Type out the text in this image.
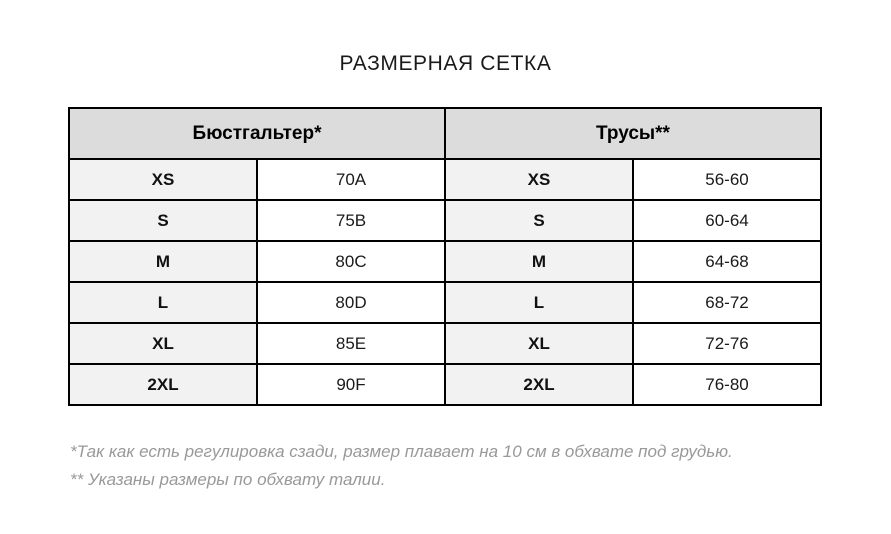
РАЗМЕРНАЯ СЕТКА
Бюстгальтер*		Трусы**	
XS	70A	XS	56-60
S	75B	S	60-64
M	80C	M	64-68
L	80D	L	68-72
XL	85E	XL	72-76
2XL	90F	2XL	76-80

*Так как есть регулировка сзади, размер плавает на 10 см в обхвате под грудью.

** Указаны размеры по обхвату талии.
